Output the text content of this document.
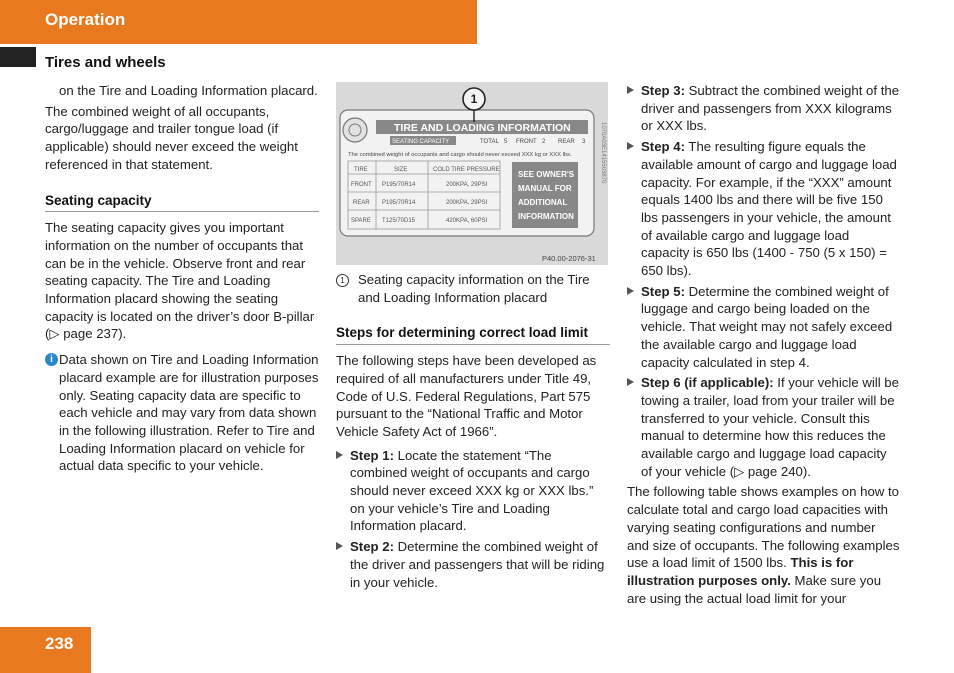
Operation
Tires and wheels

on the Tire and Loading Information placard.

The combined weight of all occupants, cargo/luggage and trailer tongue load (if applicable) should never exceed the weight referenced in that statement.

Seating capacity

The seating capacity gives you important information on the number of occupants that can be in the vehicle. Observe front and rear seating capacity. The Tire and Loading Information placard showing the seating capacity is located on the driver’s door B-pillar (▷ page 237).

i Data shown on Tire and Loading Information placard example are for illustration purposes only. Seating capacity data are specific to each vehicle and may vary from data shown in the following illustration. Refer to Tire and Loading Information placard on vehicle for actual data specific to your vehicle.
TIRE AND LOADING INFORMATION
SEATING CAPACITY	TOTAL 5 FRONT 2 REAR 3
The combined weight of occupants and cargo should never exceed XXX kg or XXX lbs.
TIRE	SIZE	COLD TIRE PRESSURE
FRONT P195/70R14	200KPA, 29PSI
REAR P195/70R14	200KPA, 29PSI
SPARE T125/70D15	420KPA, 60PSI
SEE OWNER'S
MANUAL FOR
ADDITIONAL
INFORMATION
1070A03E1415503870
1
P40.00-2076-31
1	Seating capacity information on the Tire and Loading Information placard
Steps for determining correct load limit

The following steps have been developed as required of all manufacturers under Title 49, Code of U.S. Federal Regulations, Part 575 pursuant to the “National Traffic and Motor Vehicle Safety Act of 1966”.

Step 1: Locate the statement “The combined weight of occupants and cargo should never exceed XXX kg or XXX lbs.” on your vehicle’s Tire and Loading Information placard.
Step 2: Determine the combined weight of the driver and passengers that will be riding in your vehicle.
Step 3: Subtract the combined weight of the driver and passengers from XXX kilograms or XXX lbs.
Step 4: The resulting figure equals the available amount of cargo and luggage load capacity. For example, if the “XXX” amount equals 1400 lbs and there will be five 150 lbs passengers in your vehicle, the amount of available cargo and luggage load capacity is 650 lbs (1400 - 750 (5 x 150) = 650 lbs).
Step 5: Determine the combined weight of luggage and cargo being loaded on the vehicle. That weight may not safely exceed the available cargo and luggage load capacity calculated in step 4.
Step 6 (if applicable): If your vehicle will be towing a trailer, load from your trailer will be transferred to your vehicle. Consult this manual to determine how this reduces the available cargo and luggage load capacity of your vehicle (▷ page 240).

The following table shows examples on how to calculate total and cargo load capacities with varying seating configurations and number and size of occupants. The following examples use a load limit of 1500 lbs. This is for illustration purposes only. Make sure you are using the actual load limit for your

238
